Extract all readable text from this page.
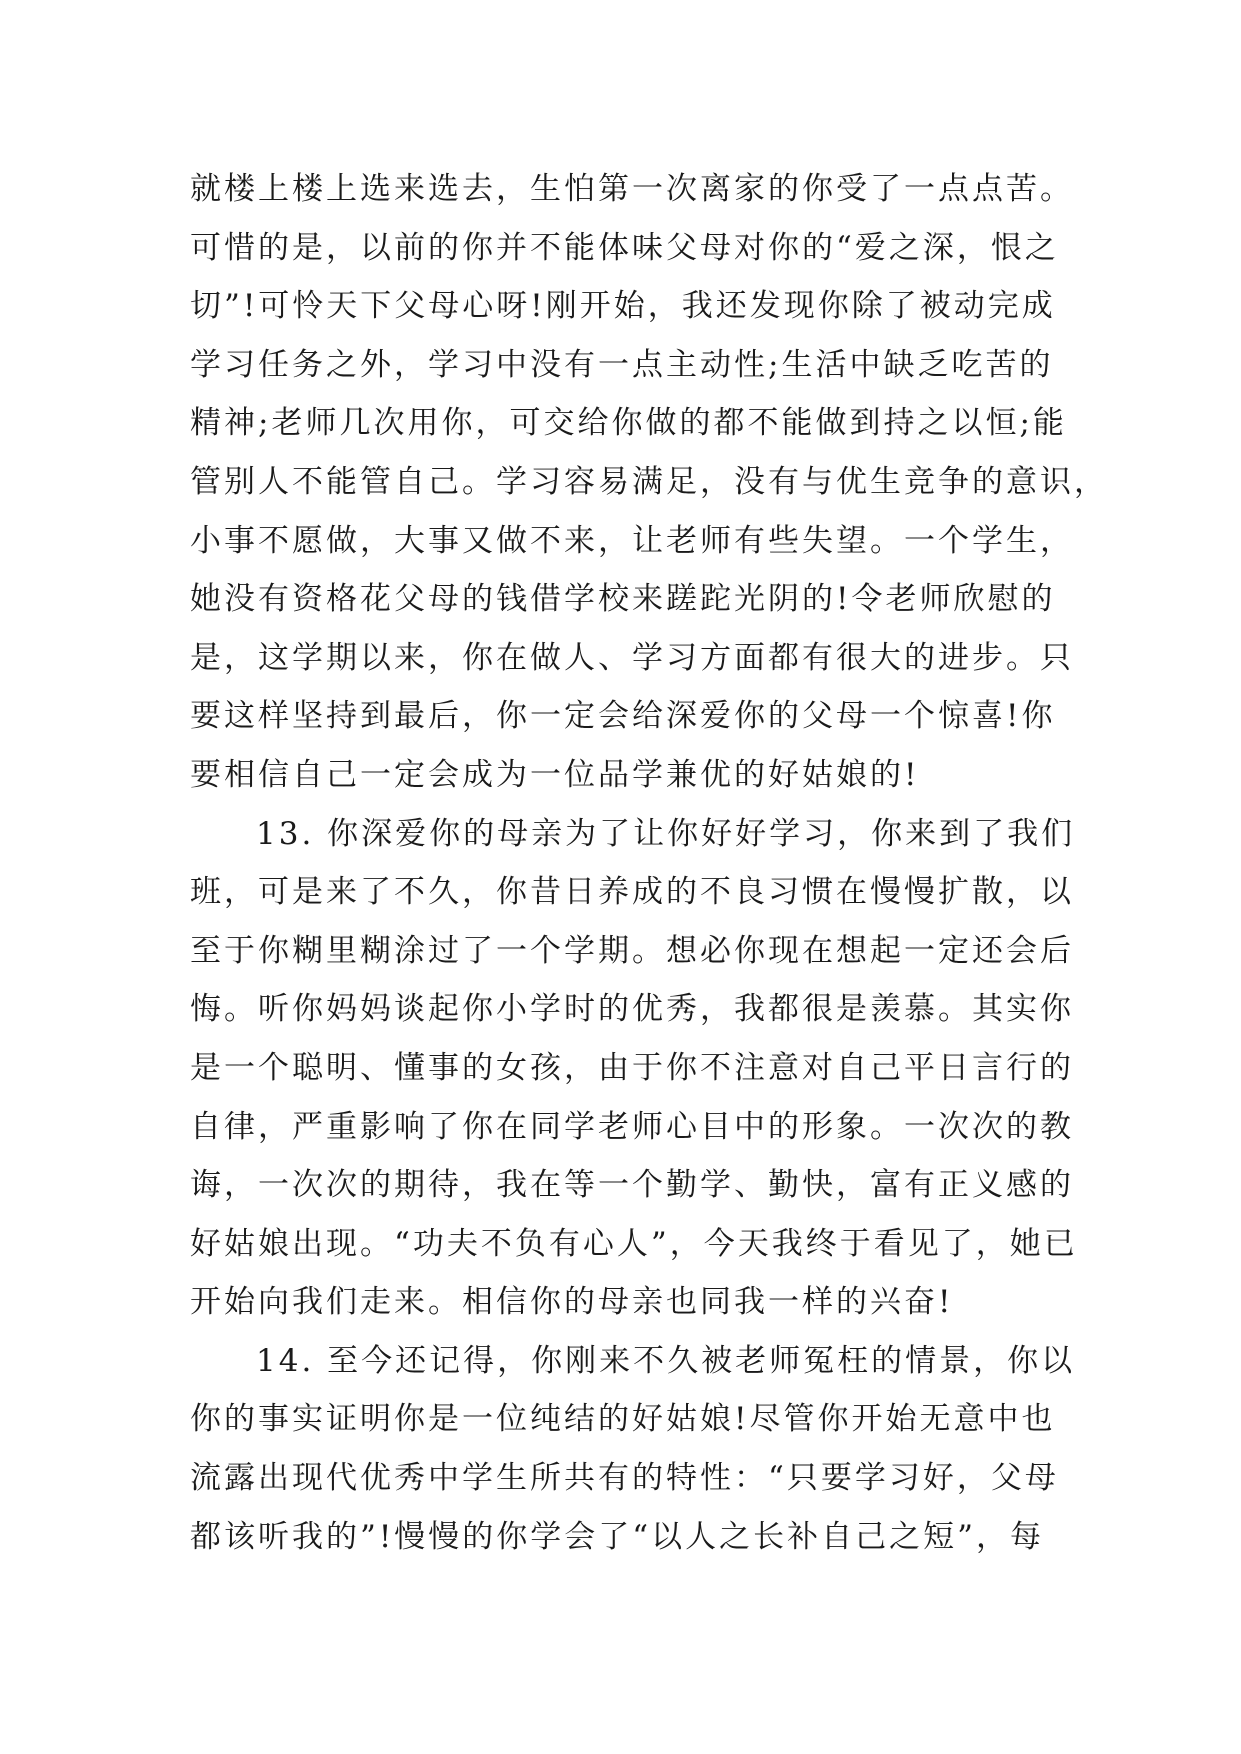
就楼上楼上选来选去，生怕第一次离家的你受了一点点苦。
可惜的是，以前的你并不能体味父母对你的“爱之深，恨之
切”!可怜天下父母心呀!刚开始，我还发现你除了被动完成
学习任务之外，学习中没有一点主动性;生活中缺乏吃苦的
精神;老师几次用你，可交给你做的都不能做到持之以恒;能
管别人不能管自己。学习容易满足，没有与优生竞争的意识，
小事不愿做，大事又做不来，让老师有些失望。一个学生，
她没有资格花父母的钱借学校来蹉跎光阴的!令老师欣慰的
是，这学期以来，你在做人、学习方面都有很大的进步。只
要这样坚持到最后，你一定会给深爱你的父母一个惊喜!你
要相信自己一定会成为一位品学兼优的好姑娘的!
13. 你深爱你的母亲为了让你好好学习，你来到了我们
班，可是来了不久，你昔日养成的不良习惯在慢慢扩散，以
至于你糊里糊涂过了一个学期。想必你现在想起一定还会后
悔。听你妈妈谈起你小学时的优秀，我都很是羡慕。其实你
是一个聪明、懂事的女孩，由于你不注意对自己平日言行的
自律，严重影响了你在同学老师心目中的形象。一次次的教
诲，一次次的期待，我在等一个勤学、勤快，富有正义感的
好姑娘出现。“功夫不负有心人”，今天我终于看见了，她已
开始向我们走来。相信你的母亲也同我一样的兴奋!
14. 至今还记得，你刚来不久被老师冤枉的情景，你以
你的事实证明你是一位纯结的好姑娘!尽管你开始无意中也
流露出现代优秀中学生所共有的特性：“只要学习好，父母
都该听我的”!慢慢的你学会了“以人之长补自己之短”，每
